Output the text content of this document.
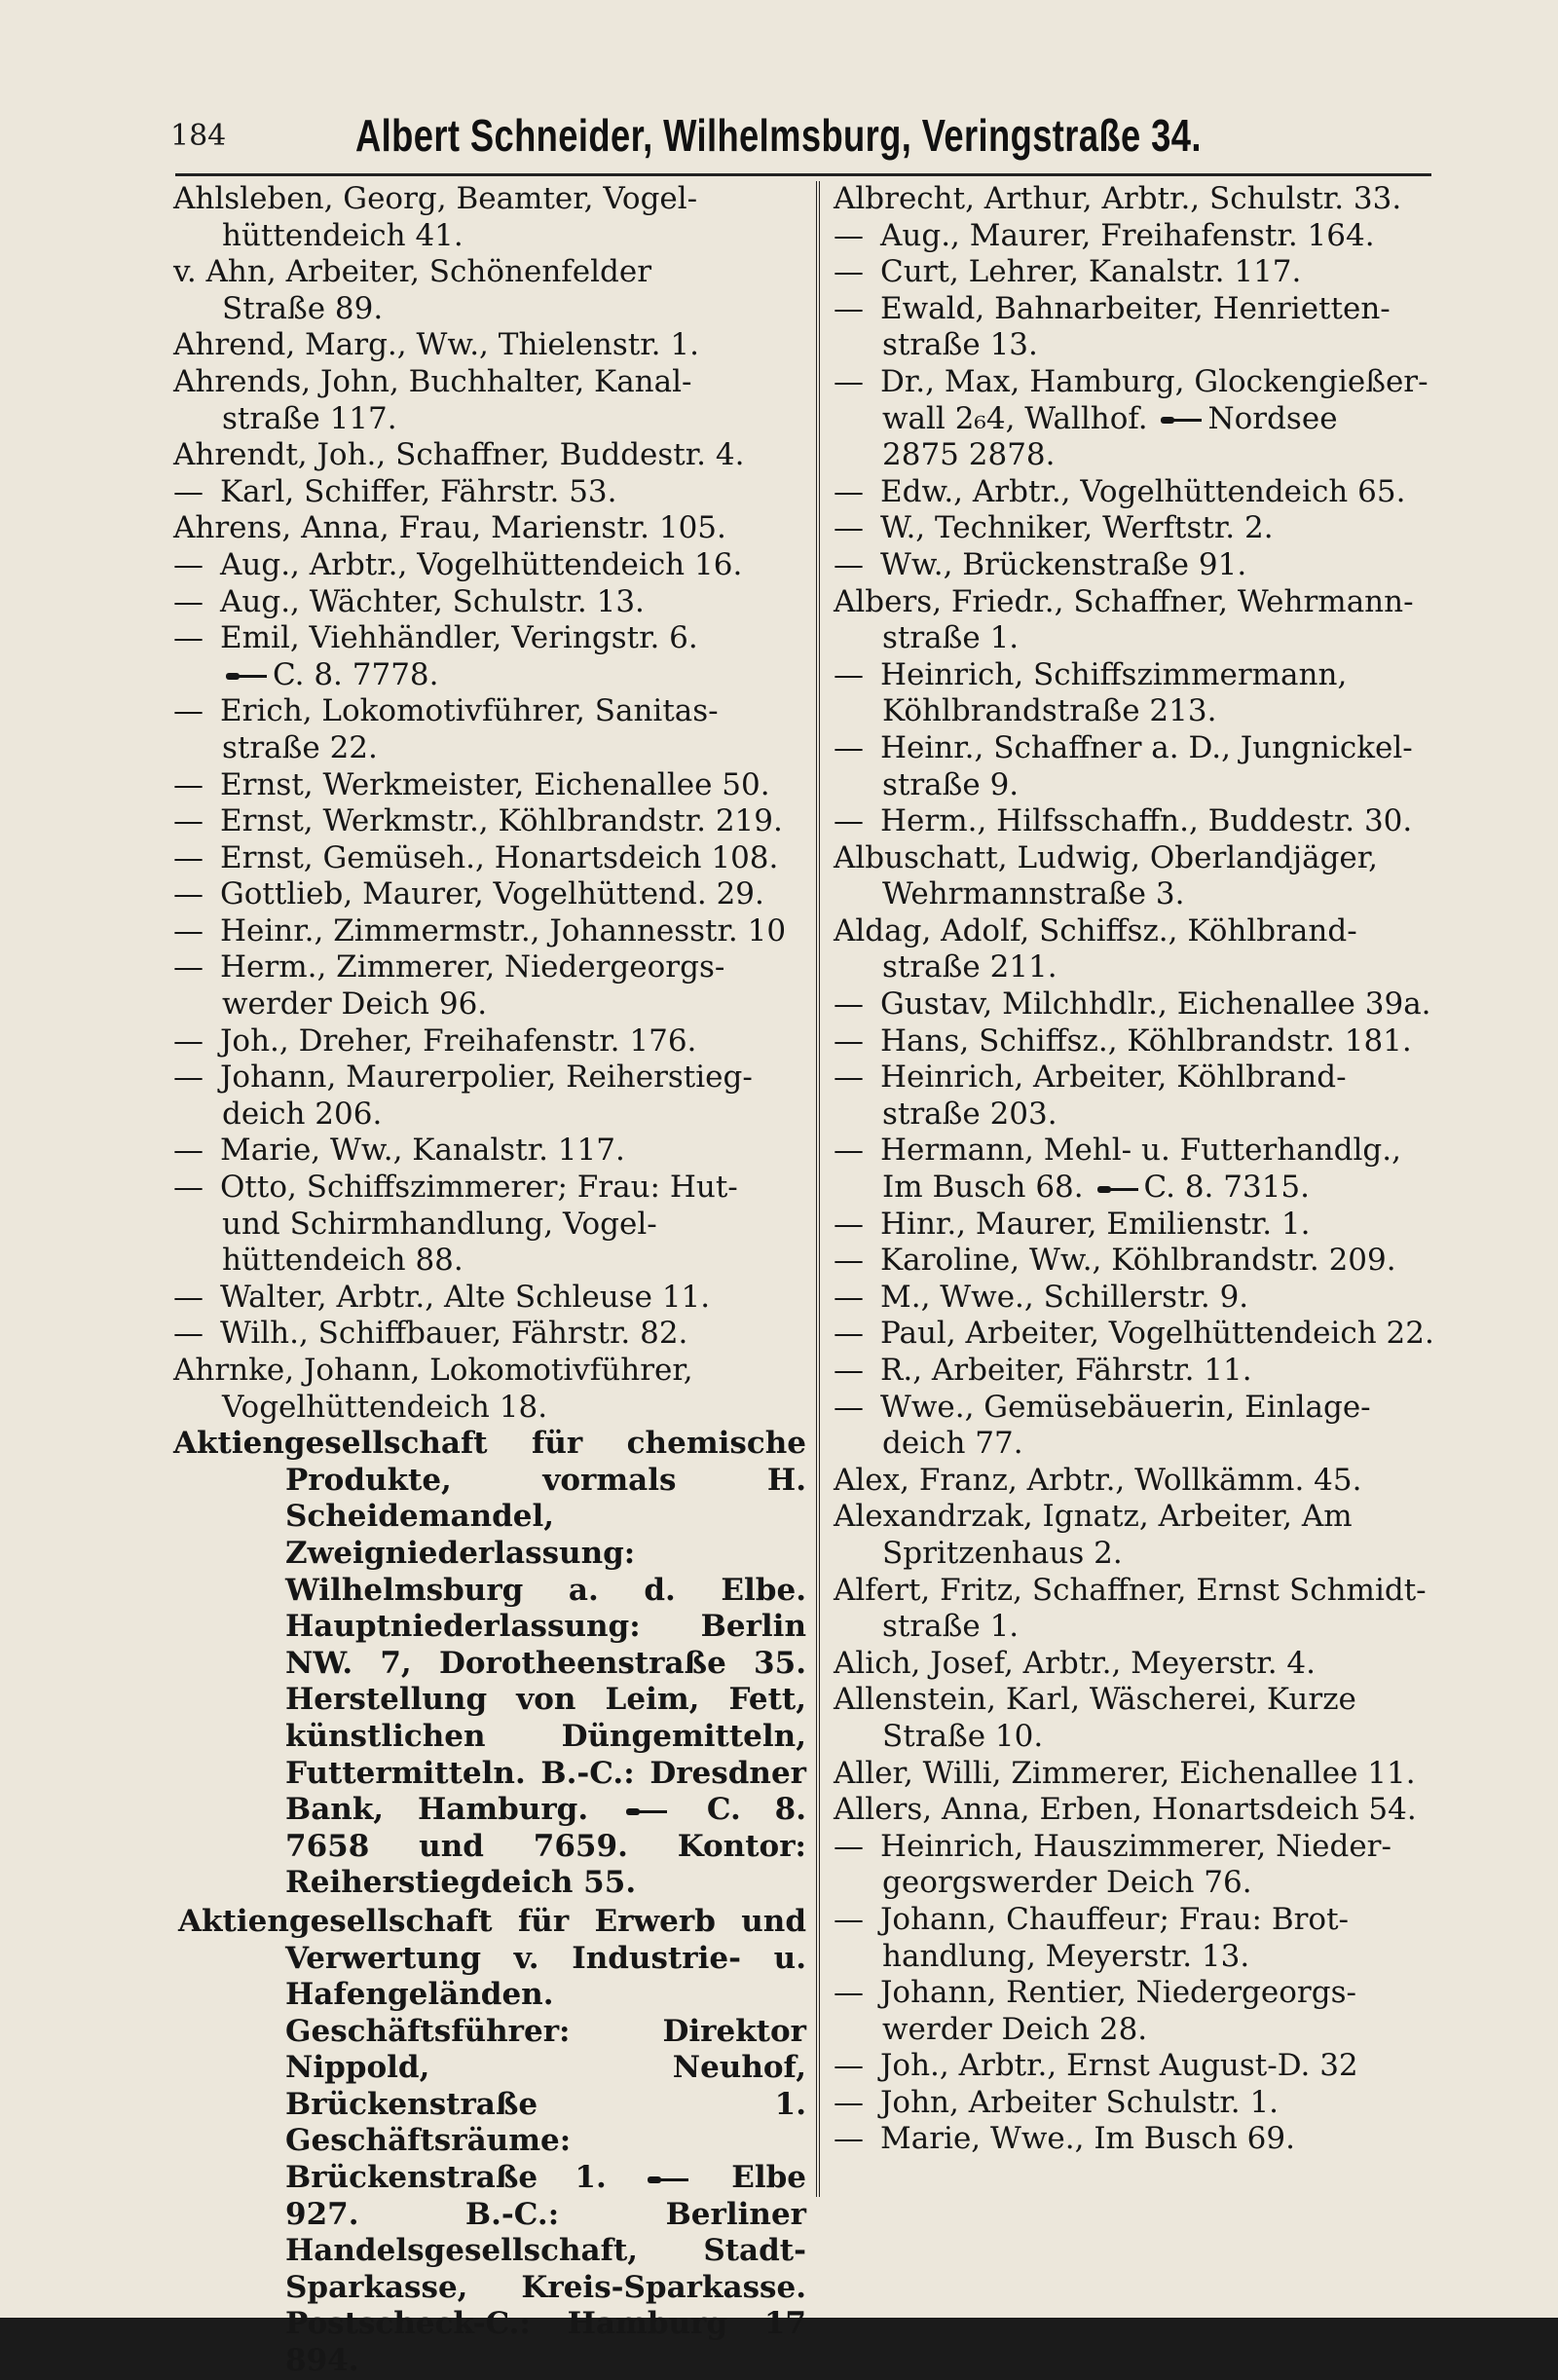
184	Albert Schneider, Wilhelmsburg, Veringstraße 34.

Ahlsleben, Georg, Beamter, Vogel-
hüttendeich 41.

v. Ahn, Arbeiter, Schönenfelder
Straße 89.

Ahrend, Marg., Ww., Thielenstr. 1.

Ahrends, John, Buchhalter, Kanal-
straße 117.

Ahrendt, Joh., Schaffner, Buddestr. 4.

— Karl, Schiffer, Fährstr. 53.

Ahrens, Anna, Frau, Marienstr. 105.

— Aug., Arbtr., Vogelhüttendeich 16.

— Aug., Wächter, Schulstr. 13.

— Emil, Viehhändler, Veringstr. 6.
C. 8. 7778.

— Erich, Lokomotivführer, Sanitas-
straße 22.

— Ernst, Werkmeister, Eichenallee 50.

— Ernst, Werkmstr., Köhlbrandstr. 219.

— Ernst, Gemüseh., Honartsdeich 108.

— Gottlieb, Maurer, Vogelhüttend. 29.

— Heinr., Zimmermstr., Johannesstr. 10

— Herm., Zimmerer, Niedergeorgs-
werder Deich 96.

— Joh., Dreher, Freihafenstr. 176.

— Johann, Maurerpolier, Reiherstieg-
deich 206.

— Marie, Ww., Kanalstr. 117.

— Otto, Schiffszimmerer; Frau: Hut-
und Schirmhandlung, Vogel-
hüttendeich 88.

— Walter, Arbtr., Alte Schleuse 11.

— Wilh., Schiffbauer, Fährstr. 82.

Ahrnke, Johann, Lokomotivführer,
Vogelhüttendeich 18.

Aktiengesellschaft für chemische Produkte, vormals H. Scheidemandel, Zweigniederlassung: Wilhelmsburg a. d. Elbe. Hauptniederlassung: Berlin NW. 7, Dorotheenstraße 35. Herstellung von Leim, Fett, künstlichen Düngemitteln, Futtermitteln. B.-C.: Dresdner Bank, Hamburg.	C. 8. 7658 und 7659. Kontor: Reiherstiegdeich 55.

Aktiengesellschaft für Erwerb und Verwertung v. Industrie- u. Hafengeländen. Geschäftsführer: Direktor Nippold, Neuhof, Brückenstraße 1. Geschäftsräume: Brückenstraße 1.	Elbe 927. B.-C.: Berliner Handelsgesellschaft, Stadt-Sparkasse, Kreis-Sparkasse. Postscheck-C.: Hamburg 17 894.

Albrecht, Arthur, Arbtr., Schulstr. 33.

— Aug., Maurer, Freihafenstr. 164.

— Curt, Lehrer, Kanalstr. 117.

— Ewald, Bahnarbeiter, Henrietten-
straße 13.

— Dr., Max, Hamburg, Glockengießer-
wall 2₆4, Wallhof. Nordsee
2875 2878.

— Edw., Arbtr., Vogelhüttendeich 65.

— W., Techniker, Werftstr. 2.

— Ww., Brückenstraße 91.

Albers, Friedr., Schaffner, Wehrmann-
straße 1.

— Heinrich, Schiffszimmermann,
Köhlbrandstraße 213.

— Heinr., Schaffner a. D., Jungnickel-
straße 9.

— Herm., Hilfsschaffn., Buddestr. 30.

Albuschatt, Ludwig, Oberlandjäger,
Wehrmannstraße 3.

Aldag, Adolf, Schiffsz., Köhlbrand-
straße 211.

— Gustav, Milchhdlr., Eichenallee 39a.

— Hans, Schiffsz., Köhlbrandstr. 181.

— Heinrich, Arbeiter, Köhlbrand-
straße 203.

— Hermann, Mehl- u. Futterhandlg.,
Im Busch 68. C. 8. 7315.

— Hinr., Maurer, Emilienstr. 1.

— Karoline, Ww., Köhlbrandstr. 209.

— M., Wwe., Schillerstr. 9.

— Paul, Arbeiter, Vogelhüttendeich 22.

— R., Arbeiter, Fährstr. 11.

— Wwe., Gemüsebäuerin, Einlage-
deich 77.

Alex, Franz, Arbtr., Wollkämm. 45.

Alexandrzak, Ignatz, Arbeiter, Am
Spritzenhaus 2.

Alfert, Fritz, Schaffner, Ernst Schmidt-
straße 1.

Alich, Josef, Arbtr., Meyerstr. 4.

Allenstein, Karl, Wäscherei, Kurze
Straße 10.

Aller, Willi, Zimmerer, Eichenallee 11.

Allers, Anna, Erben, Honartsdeich 54.

— Heinrich, Hauszimmerer, Nieder-
georgswerder Deich 76.

— Johann, Chauffeur; Frau: Brot-
handlung, Meyerstr. 13.

— Johann, Rentier, Niedergeorgs-
werder Deich 28.

— Joh., Arbtr., Ernst August-D. 32

— John, Arbeiter Schulstr. 1.

— Marie, Wwe., Im Busch 69.
